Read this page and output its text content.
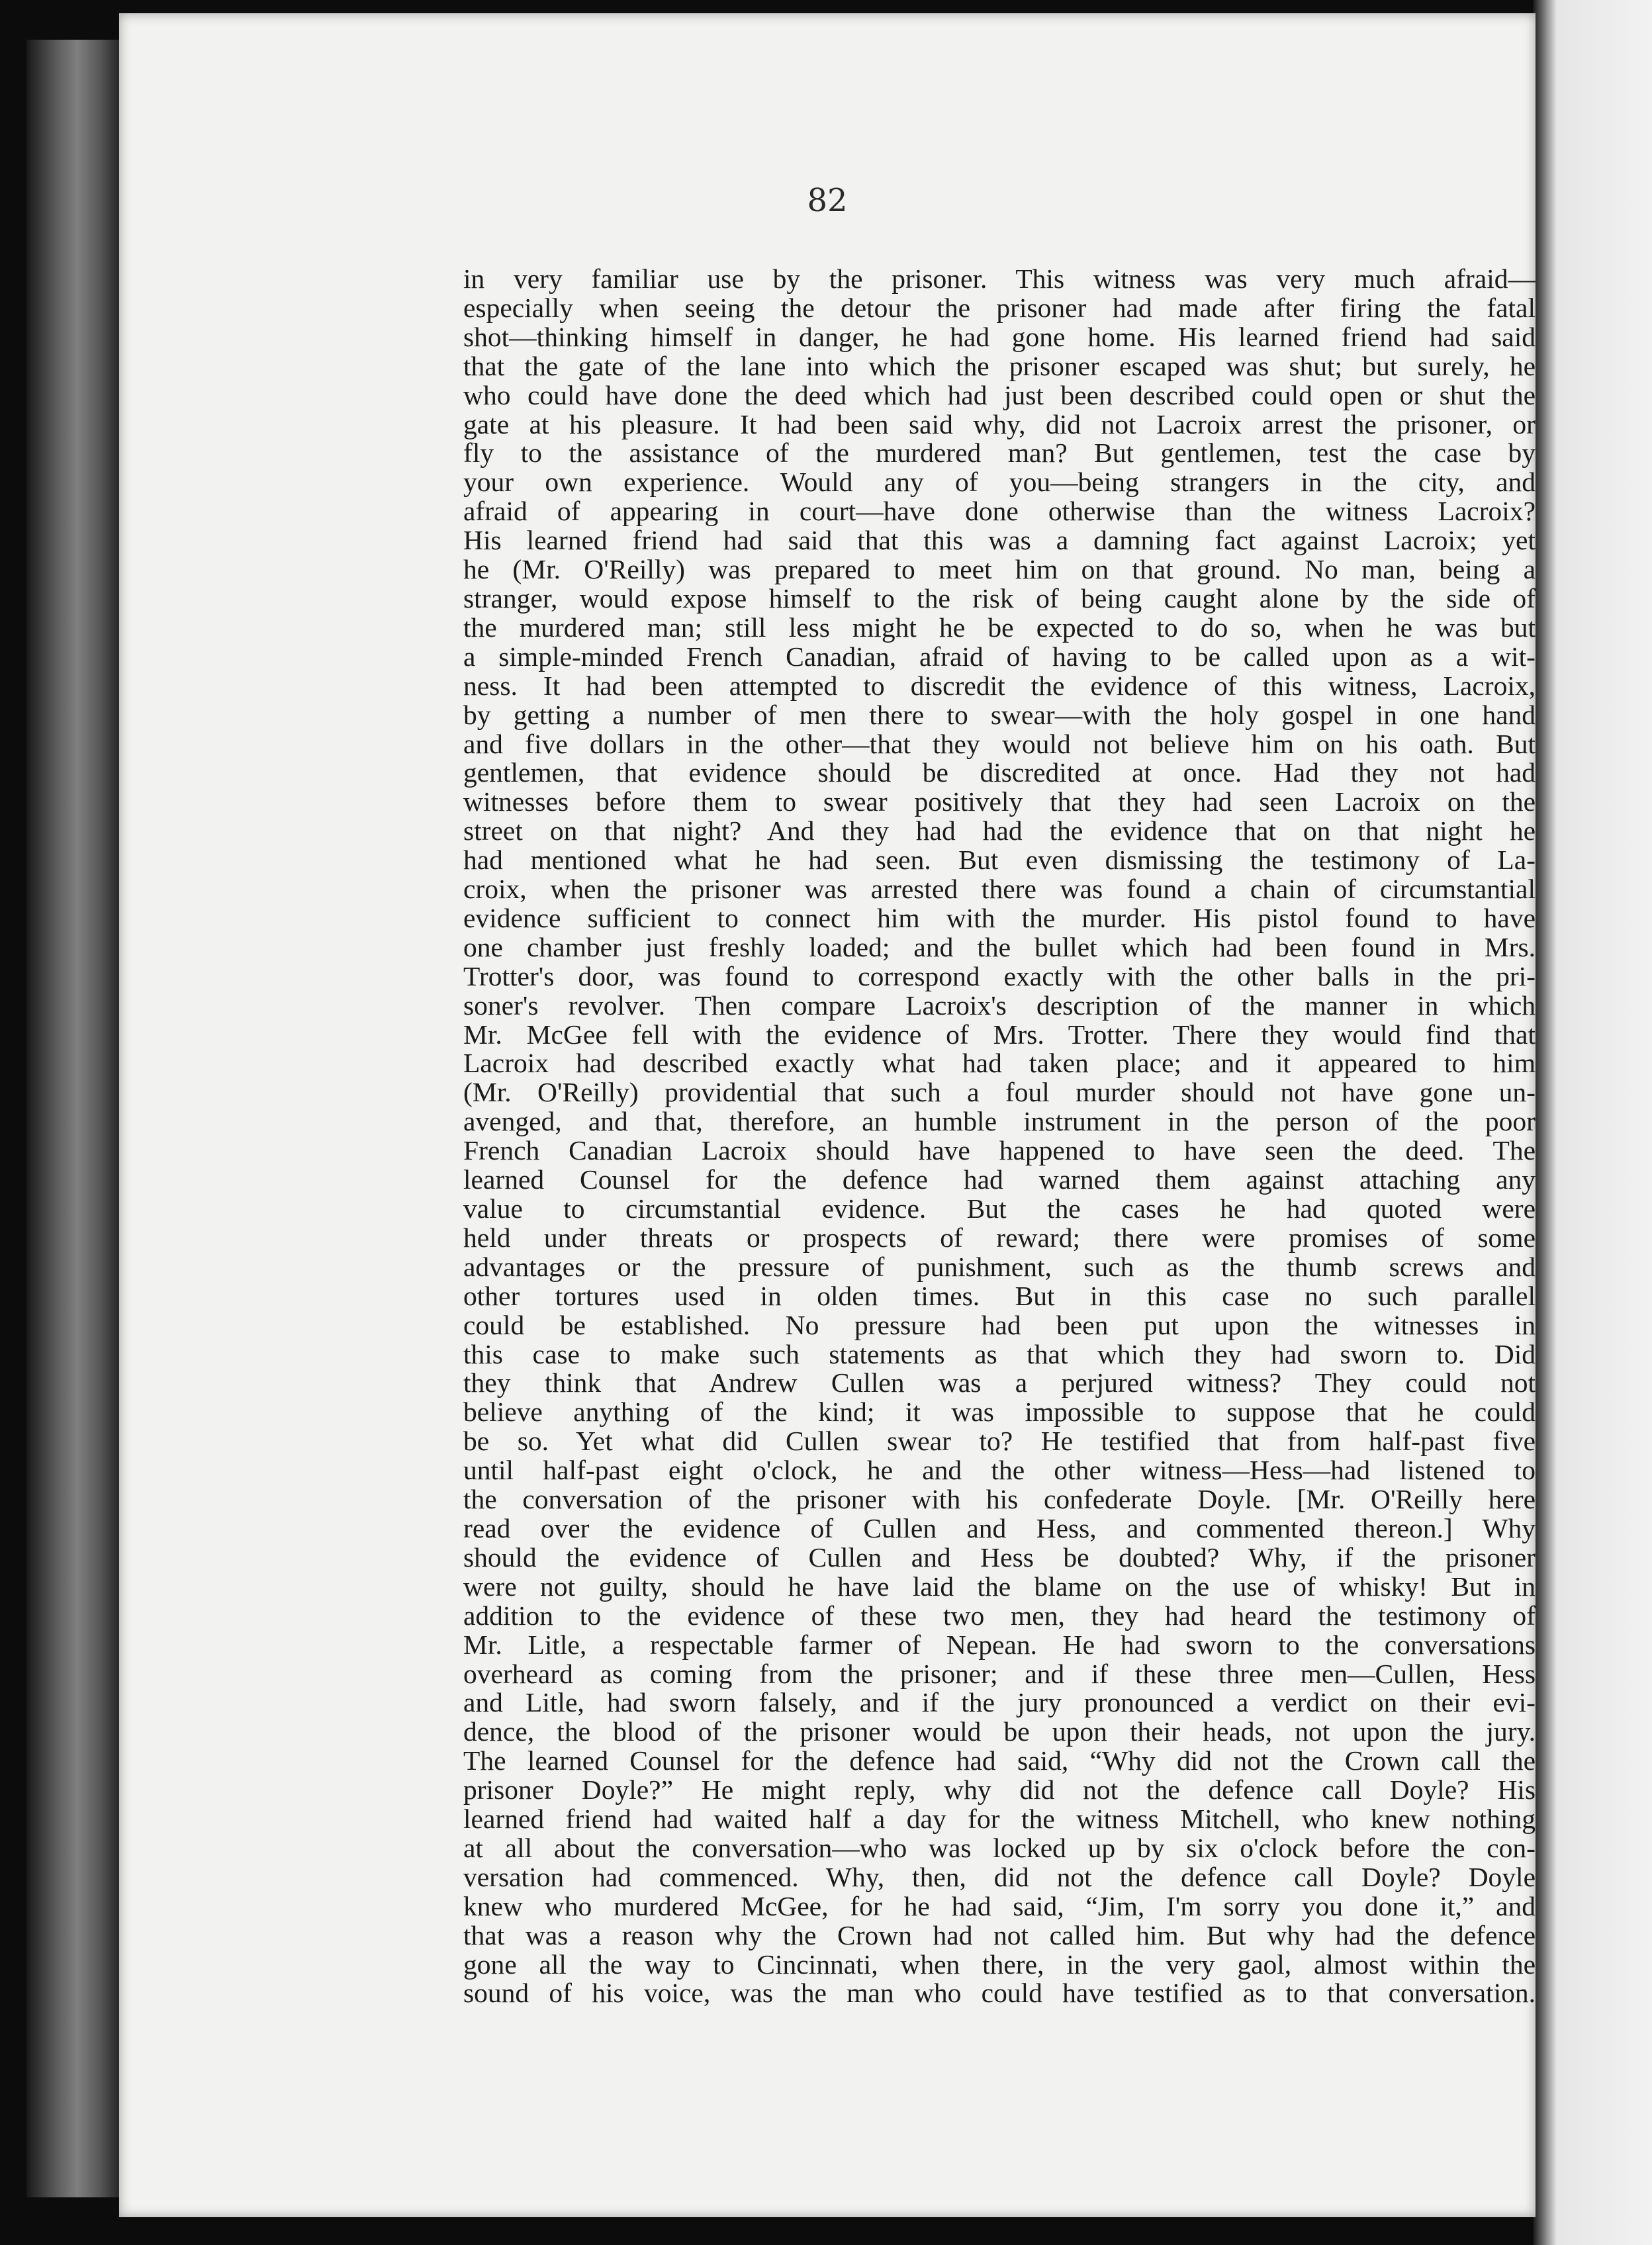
82
in very familiar use by the prisoner. This witness was very much afraid—
especially when seeing the detour the prisoner had made after firing the fatal
shot—thinking himself in danger, he had gone home. His learned friend had said
that the gate of the lane into which the prisoner escaped was shut; but surely, he
who could have done the deed which had just been described could open or shut the
gate at his pleasure. It had been said why, did not Lacroix arrest the prisoner, or
fly to the assistance of the murdered man? But gentlemen, test the case by
your own experience. Would any of you—being strangers in the city, and
afraid of appearing in court—have done otherwise than the witness Lacroix?
His learned friend had said that this was a damning fact against Lacroix; yet
he (Mr. O'Reilly) was prepared to meet him on that ground. No man, being a
stranger, would expose himself to the risk of being caught alone by the side of
the murdered man; still less might he be expected to do so, when he was but
a simple-minded French Canadian, afraid of having to be called upon as a wit-
ness. It had been attempted to discredit the evidence of this witness, Lacroix,
by getting a number of men there to swear—with the holy gospel in one hand
and five dollars in the other—that they would not believe him on his oath. But
gentlemen, that evidence should be discredited at once. Had they not had
witnesses before them to swear positively that they had seen Lacroix on the
street on that night? And they had had the evidence that on that night he
had mentioned what he had seen. But even dismissing the testimony of La-
croix, when the prisoner was arrested there was found a chain of circumstantial
evidence sufficient to connect him with the murder. His pistol found to have
one chamber just freshly loaded; and the bullet which had been found in Mrs.
Trotter's door, was found to correspond exactly with the other balls in the pri-
soner's revolver. Then compare Lacroix's description of the manner in which
Mr. McGee fell with the evidence of Mrs. Trotter. There they would find that
Lacroix had described exactly what had taken place; and it appeared to him
(Mr. O'Reilly) providential that such a foul murder should not have gone un-
avenged, and that, therefore, an humble instrument in the person of the poor
French Canadian Lacroix should have happened to have seen the deed. The
learned Counsel for the defence had warned them against attaching any
value to circumstantial evidence. But the cases he had quoted were
held under threats or prospects of reward; there were promises of some
advantages or the pressure of punishment, such as the thumb screws and
other tortures used in olden times. But in this case no such parallel
could be established. No pressure had been put upon the witnesses in
this case to make such statements as that which they had sworn to. Did
they think that Andrew Cullen was a perjured witness? They could not
believe anything of the kind; it was impossible to suppose that he could
be so. Yet what did Cullen swear to? He testified that from half-past five
until half-past eight o'clock, he and the other witness—Hess—had listened to
the conversation of the prisoner with his confederate Doyle. [Mr. O'Reilly here
read over the evidence of Cullen and Hess, and commented thereon.] Why
should the evidence of Cullen and Hess be doubted? Why, if the prisoner
were not guilty, should he have laid the blame on the use of whisky! But in
addition to the evidence of these two men, they had heard the testimony of
Mr. Litle, a respectable farmer of Nepean. He had sworn to the conversations
overheard as coming from the prisoner; and if these three men—Cullen, Hess
and Litle, had sworn falsely, and if the jury pronounced a verdict on their evi-
dence, the blood of the prisoner would be upon their heads, not upon the jury.
The learned Counsel for the defence had said, “Why did not the Crown call the
prisoner Doyle?” He might reply, why did not the defence call Doyle? His
learned friend had waited half a day for the witness Mitchell, who knew nothing
at all about the conversation—who was locked up by six o'clock before the con-
versation had commenced. Why, then, did not the defence call Doyle? Doyle
knew who murdered McGee, for he had said, “Jim, I'm sorry you done it,” and
that was a reason why the Crown had not called him. But why had the defence
gone all the way to Cincinnati, when there, in the very gaol, almost within the
sound of his voice, was the man who could have testified as to that conversation.
